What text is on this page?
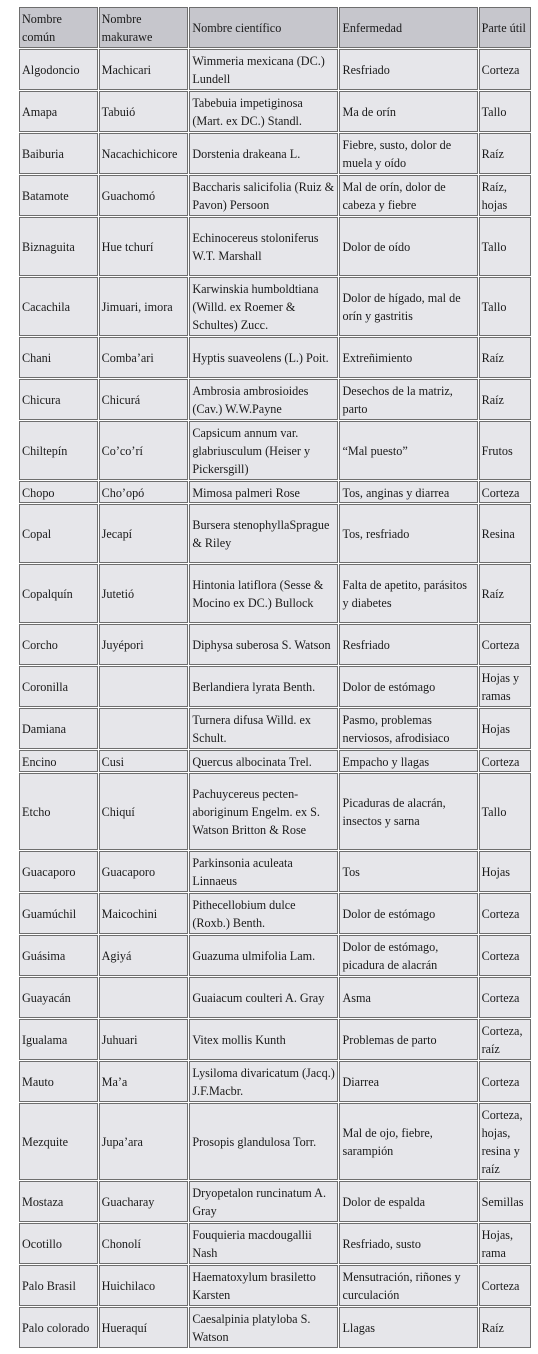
Nombre común	Nombre makurawe	Nombre científico	Enfermedad	Parte útil
Algodoncio	Machicari	Wimmeria mexicana (DC.) Lundell	Resfriado	Corteza
Amapa	Tabuió	Tabebuia impetiginosa (Mart. ex DC.) Standl.	Ma de orín	Tallo
Baiburia	Nacachichicore	Dorstenia drakeana L.	Fiebre, susto, dolor de muela y oído	Raíz
Batamote	Guachomó	Baccharis salicifolia (Ruiz & Pavon) Persoon	Mal de orín, dolor de cabeza y fiebre	Raíz, hojas
Biznaguita	Hue tchurí	Echinocereus stoloniferus W.T. Marshall	Dolor de oído	Tallo
Cacachila	Jimuari, imora	Karwinskia humboldtiana (Willd. ex Roemer & Schultes) Zucc.	Dolor de hígado, mal de orín y gastritis	Tallo
Chani	Comba’ari	Hyptis suaveolens (L.) Poit.	Extreñimiento	Raíz
Chicura	Chicurá	Ambrosia ambrosioides (Cav.) W.W.Payne	Desechos de la matriz, parto	Raíz
Chiltepín	Co’co’rí	Capsicum annum var. glabriusculum (Heiser y Pickersgill)	“Mal puesto”	Frutos
Chopo	Cho’opó	Mimosa palmeri Rose	Tos, anginas y diarrea	Corteza
Copal	Jecapí	Bursera stenophyllaSprague & Riley	Tos, resfriado	Resina
Copalquín	Jutetió	Hintonia latiflora (Sesse & Mocino ex DC.) Bullock	Falta de apetito, parásitos y diabetes	Raíz
Corcho	Juyépori	Diphysa suberosa S. Watson	Resfriado	Corteza
Coronilla		Berlandiera lyrata Benth.	Dolor de estómago	Hojas y ramas
Damiana		Turnera difusa Willd. ex Schult.	Pasmo, problemas nerviosos, afrodisiaco	Hojas
Encino	Cusi	Quercus albocinata Trel.	Empacho y llagas	Corteza
Etcho	Chiquí	Pachuycereus pecten-aboriginum Engelm. ex S. Watson Britton & Rose	Picaduras de alacrán, insectos y sarna	Tallo
Guacaporo	Guacaporo	Parkinsonia aculeata Linnaeus	Tos	Hojas
Guamúchil	Maicochini	Pithecellobium dulce (Roxb.) Benth.	Dolor de estómago	Corteza
Guásima	Agiyá	Guazuma ulmifolia Lam.	Dolor de estómago, picadura de alacrán	Corteza
Guayacán		Guaiacum coulteri A. Gray	Asma	Corteza
Igualama	Juhuari	Vitex mollis Kunth	Problemas de parto	Corteza, raíz
Mauto	Ma’a	Lysiloma divaricatum (Jacq.) J.F.Macbr.	Diarrea	Corteza
Mezquite	Jupa’ara	Prosopis glandulosa Torr.	Mal de ojo, fiebre, sarampión	Corteza, hojas, resina y raíz
Mostaza	Guacharay	Dryopetalon runcinatum A. Gray	Dolor de espalda	Semillas
Ocotillo	Chonolí	Fouquieria macdougallii Nash	Resfriado, susto	Hojas, rama
Palo Brasil	Huichilaco	Haematoxylum brasiletto Karsten	Mensutración, riñones y curculación	Corteza
Palo colorado	Hueraquí	Caesalpinia platyloba S. Watson	Llagas	Raíz
